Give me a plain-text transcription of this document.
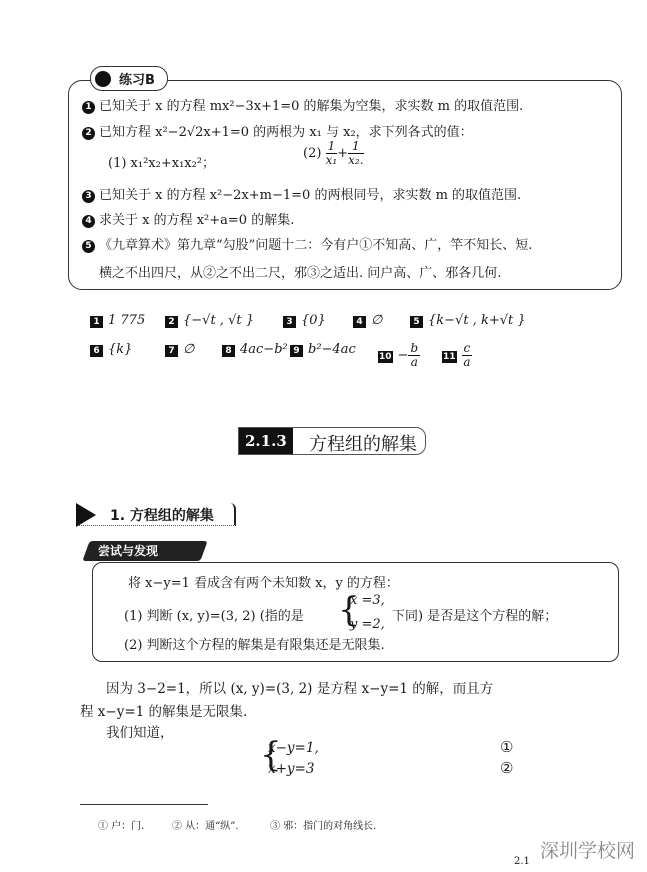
练习B
1 已知关于 x 的方程 mx²−3x+1=0 的解集为空集，求实数 m 的取值范围.
2 已知方程 x²−2√2x+1=0 的两根为 x₁ 与 x₂，求下列各式的值：
(1) x₁²x₂+x₁x₂²；
$(2) \frac{1}{\text{x₁}} + \frac{1}{\text{x₂.}}$
3 已知关于 x 的方程 x²−2x+m−1=0 的两根同号，求实数 m 的取值范围.
4 求关于 x 的方程 x²+a=0 的解集.
5 《九章算术》第九章“勾股”问题十二：今有户①不知高、广，竿不知长、短.
横之不出四尺，从②之不出二尺，邪③之适出. 问户高、广、邪各几何.
1 1 775	2 {−√t , √t }	3 {0}	4 ∅	5 {k−√t , k+√t }
6 {k}	7 ∅	8 4ac−b² 9 b²−4ac	$10 - \frac{b}{a}$	$11 \frac{c}{a}$
2.1.3	方程组的解集
1. 方程组的解集
尝试与发现
将 x−y=1 看成含有两个未知数 x，y 的方程：
(1) 判断 (x, y)=(3, 2) (指的是 {
x =3,
y =2,
下同) 是否是这个方程的解；
(2) 判断这个方程的解集是有限集还是无限集.
因为 3−2=1，所以 (x, y)=(3, 2) 是方程 x−y=1 的解，而且方
程 x−y=1 的解集是无限集.
我们知道，
{
x−y=1,
x+y=3
①
②
① 户：门.	② 从：通“纵”.	③ 邪：指门的对角线长.
2.1 深圳学校网
